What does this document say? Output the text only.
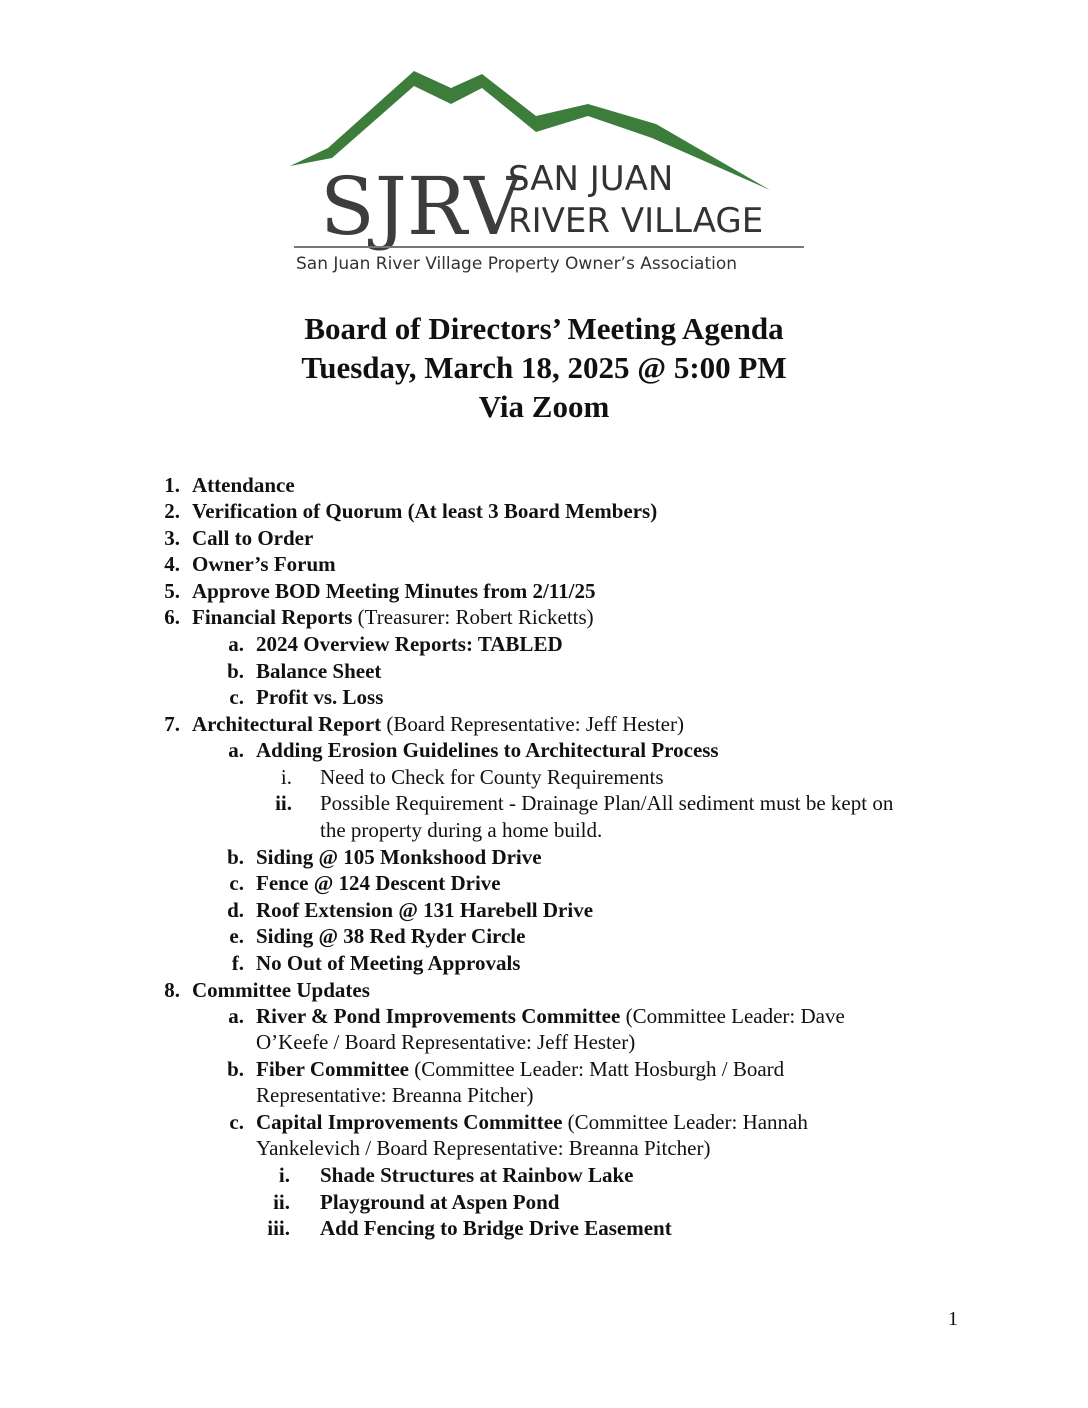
SJRV
SAN JUAN
RIVER VILLAGE
San Juan River Village Property Owner’s Association
Board of Directors’ Meeting Agenda
Tuesday, March 18, 2025 @ 5:00 PM
Via Zoom
1. Attendance
2. Verification of Quorum (At least 3 Board Members)
3. Call to Order
4. Owner’s Forum
5. Approve BOD Meeting Minutes from 2/11/25
6. Financial Reports (Treasurer: Robert Ricketts)
a. 2024 Overview Reports: TABLED
b. Balance Sheet
c. Profit vs. Loss
7. Architectural Report (Board Representative: Jeff Hester)
a. Adding Erosion Guidelines to Architectural Process
i. Need to Check for County Requirements
ii. Possible Requirement - Drainage Plan/All sediment must be kept on
the property during a home build.
b. Siding @ 105 Monkshood Drive
c. Fence @ 124 Descent Drive
d. Roof Extension @ 131 Harebell Drive
e. Siding @ 38 Red Ryder Circle
f. No Out of Meeting Approvals
8. Committee Updates
a. River & Pond Improvements Committee (Committee Leader: Dave
O’Keefe / Board Representative: Jeff Hester)
b. Fiber Committee (Committee Leader: Matt Hosburgh / Board
Representative: Breanna Pitcher)
c. Capital Improvements Committee (Committee Leader: Hannah
Yankelevich / Board Representative: Breanna Pitcher)
i. Shade Structures at Rainbow Lake
ii. Playground at Aspen Pond
iii. Add Fencing to Bridge Drive Easement
1
